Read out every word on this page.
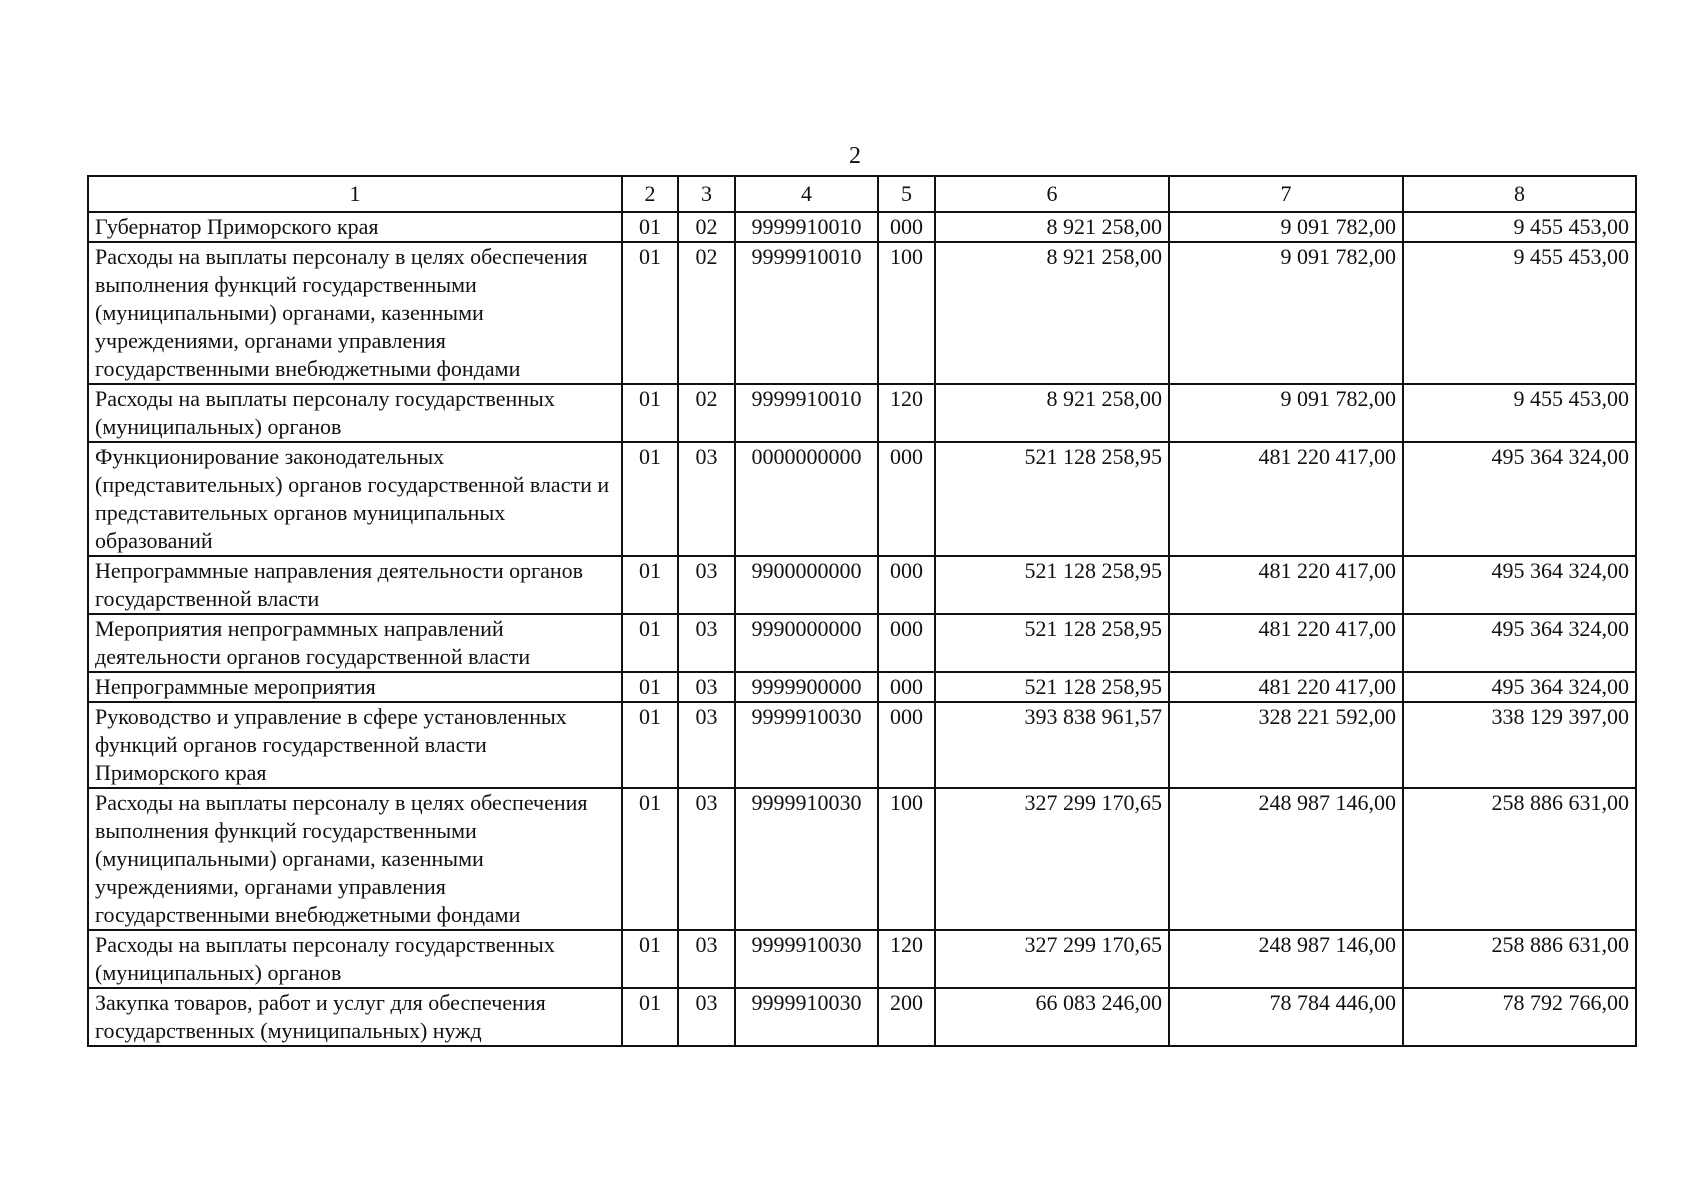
2
1	2	3	4	5	6	7	8
Губернатор Приморского края	01	02	9999910010	000	8 921 258,00	9 091 782,00	9 455 453,00
Расходы на выплаты персоналу в целях обеспечения выполнения функций государственными (муниципальными) органами, казенными учреждениями, органами управления государственными внебюджетными фондами	01	02	9999910010	100	8 921 258,00	9 091 782,00	9 455 453,00
Расходы на выплаты персоналу государственных (муниципальных) органов	01	02	9999910010	120	8 921 258,00	9 091 782,00	9 455 453,00
Функционирование законодательных (представительных) органов государственной власти и представительных органов муниципальных образований	01	03	0000000000	000	521 128 258,95	481 220 417,00	495 364 324,00
Непрограммные направления деятельности органов государственной власти	01	03	9900000000	000	521 128 258,95	481 220 417,00	495 364 324,00
Мероприятия непрограммных направлений деятельности органов государственной власти	01	03	9990000000	000	521 128 258,95	481 220 417,00	495 364 324,00
Непрограммные мероприятия	01	03	9999900000	000	521 128 258,95	481 220 417,00	495 364 324,00
Руководство и управление в сфере установленных функций органов государственной власти Приморского края	01	03	9999910030	000	393 838 961,57	328 221 592,00	338 129 397,00
Расходы на выплаты персоналу в целях обеспечения выполнения функций государственными (муниципальными) органами, казенными учреждениями, органами управления государственными внебюджетными фондами	01	03	9999910030	100	327 299 170,65	248 987 146,00	258 886 631,00
Расходы на выплаты персоналу государственных (муниципальных) органов	01	03	9999910030	120	327 299 170,65	248 987 146,00	258 886 631,00
Закупка товаров, работ и услуг для обеспечения государственных (муниципальных) нужд	01	03	9999910030	200	66 083 246,00	78 784 446,00	78 792 766,00
